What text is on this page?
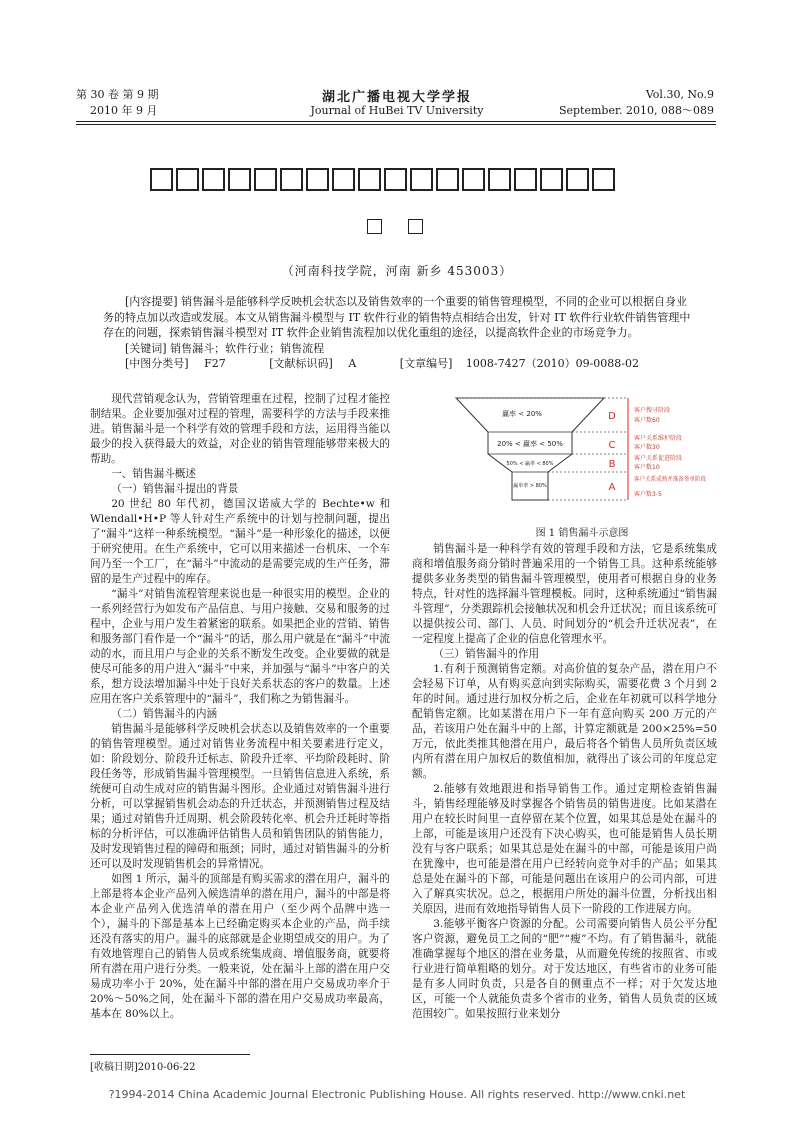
第 30 卷 第 9 期
2010 年 9 月
湖北广播电视大学学报
Journal of HuBei TV University
Vol.30, No.9
September. 2010, 088～089
（河南科技学院，河南 新乡 453003）
[内容提要] 销售漏斗是能够科学反映机会状态以及销售效率的一个重要的销售管理模型，不同的企业可以根据自身业务的特点加以改造或发展。本文从销售漏斗模型与 IT 软件行业的销售特点相结合出发，针对 IT 软件行业软件销售管理中存在的问题，探索销售漏斗模型对 IT 软件企业销售流程加以优化重组的途径，以提高软件企业的市场竞争力。
[关键词] 销售漏斗；软件行业；销售流程
[中图分类号] F27	[文献标识码] A	[文章编号] 1008-7427（2010）09-0088-02

现代营销观念认为，营销管理重在过程，控制了过程才能控制结果。企业要加强对过程的管理，需要科学的方法与手段来推进。销售漏斗是一个科学有效的管理手段和方法，运用得当能以最少的投入获得最大的效益，对企业的销售管理能够带来极大的帮助。

一、销售漏斗概述

（一）销售漏斗提出的背景

20 世纪 80 年代初，德国汉诺威大学的 Bechte•w 和 Wlendall•H•P 等人针对生产系统中的计划与控制问题，提出了“漏斗”这样一种系统模型。“漏斗”是一种形象化的描述，以便于研究使用。在生产系统中，它可以用来描述一台机床、一个车间乃至一个工厂，在“漏斗”中流动的是需要完成的生产任务，滞留的是生产过程中的库存。

“漏斗”对销售流程管理来说也是一种很实用的模型。企业的一系列经营行为如发布产品信息、与用户接触、交易和服务的过程中，企业与用户发生着紧密的联系。如果把企业的营销、销售和服务部门看作是一个“漏斗”的话，那么用户就是在“漏斗”中流动的水，而且用户与企业的关系不断发生改变。企业要做的就是使尽可能多的用户进入“漏斗”中来，并加强与“漏斗”中客户的关系，想方设法增加漏斗中处于良好关系状态的客户的数量。上述应用在客户关系管理中的“漏斗”，我们称之为销售漏斗。

（二）销售漏斗的内涵

销售漏斗是能够科学反映机会状态以及销售效率的一个重要的销售管理模型。通过对销售业务流程中相关要素进行定义，如：阶段划分、阶段升迁标志、阶段升迁率、平均阶段耗时、阶段任务等，形成销售漏斗管理模型。一旦销售信息进入系统，系统便可自动生成对应的销售漏斗图形。企业通过对销售漏斗进行分析，可以掌握销售机会动态的升迁状态，并预测销售过程及结果；通过对销售升迁周期、机会阶段转化率、机会升迁耗时等指标的分析评估，可以准确评估销售人员和销售团队的销售能力，及时发现销售过程的障碍和瓶颈；同时，通过对销售漏斗的分析还可以及时发现销售机会的异常情况。

如图 1 所示，漏斗的顶部是有购买需求的潜在用户，漏斗的上部是将本企业产品列入候选清单的潜在用户，漏斗的中部是将本企业产品列入优选清单的潜在用户（至少两个品牌中选一个），漏斗的下部是基本上已经确定购买本企业的产品，尚手续还没有落实的用户。漏斗的底部就是企业期望成交的用户。为了有效地管理自己的销售人员或系统集成商、增值服务商，就要将所有潜在用户进行分类。一般来说，处在漏斗上部的潜在用户交易成功率小于 20%，处在漏斗中部的潜在用户交易成功率介于 20%～50%之间，处在漏斗下部的潜在用户交易成功率最高，基本在 80%以上。

[收稿日期]2010-06-22
赢率 < 20%
20% < 赢率 < 50%
50% < 赢率 < 80%
赢单率 > 80%
D
C
B
A
客户搜寻阶段
客户数60
客户关系维护阶段
客户数30
客户关系促进阶段
客户数10
客户关系成熟并准备签单阶段
客户数3-5
图 1 销售漏斗示意图

销售漏斗是一种科学有效的管理手段和方法，它是系统集成商和增值服务商分销时普遍采用的一个销售工具。这种系统能够提供多业务类型的销售漏斗管理模型，使用者可根据自身的业务特点，针对性的选择漏斗管理模板。同时，这种系统通过“销售漏斗管理”，分类跟踪机会接触状况和机会升迁状况；而且该系统可以提供按公司、部门、人员、时间划分的“机会升迁状况表”，在一定程度上提高了企业的信息化管理水平。

（三）销售漏斗的作用

1.有利于预测销售定额。对高价值的复杂产品，潜在用户不会轻易下订单，从有购买意向到实际购买，需要花费 3 个月到 2 年的时间。通过进行加权分析之后，企业在年初就可以科学地分配销售定额。比如某潜在用户下一年有意向购买 200 万元的产品，若该用户处在漏斗中的上部，计算定额就是 200×25%=50 万元，依此类推其他潜在用户，最后将各个销售人员所负责区域内所有潜在用户加权后的数值相加，就得出了该公司的年度总定额。

2.能够有效地跟进和指导销售工作。通过定期检查销售漏斗，销售经理能够及时掌握各个销售员的销售进度。比如某潜在用户在较长时间里一直停留在某个位置，如果其总是处在漏斗的上部，可能是该用户还没有下决心购买，也可能是销售人员长期没有与客户联系；如果其总是处在漏斗的中部，可能是该用户尚在犹豫中，也可能是潜在用户已经转向竞争对手的产品；如果其总是处在漏斗的下部，可能是问题出在该用户的公司内部，可进入了解真实状况。总之，根据用户所处的漏斗位置，分析找出相关原因，进而有效地指导销售人员下一阶段的工作进展方向。

3.能够平衡客户资源的分配。公司需要向销售人员公平分配客户资源，避免员工之间的“肥”“瘦”不均。有了销售漏斗，就能准确掌握每个地区的潜在业务量，从而避免传统的按照省、市或行业进行简单粗略的划分。对于发达地区，有些省市的业务可能是有多人同时负责，只是各自的侧重点不一样；对于欠发达地区，可能一个人就能负责多个省市的业务，销售人员负责的区域范围较广。如果按照行业来划分

?1994-2014 China Academic Journal Electronic Publishing House. All rights reserved. http://www.cnki.net
